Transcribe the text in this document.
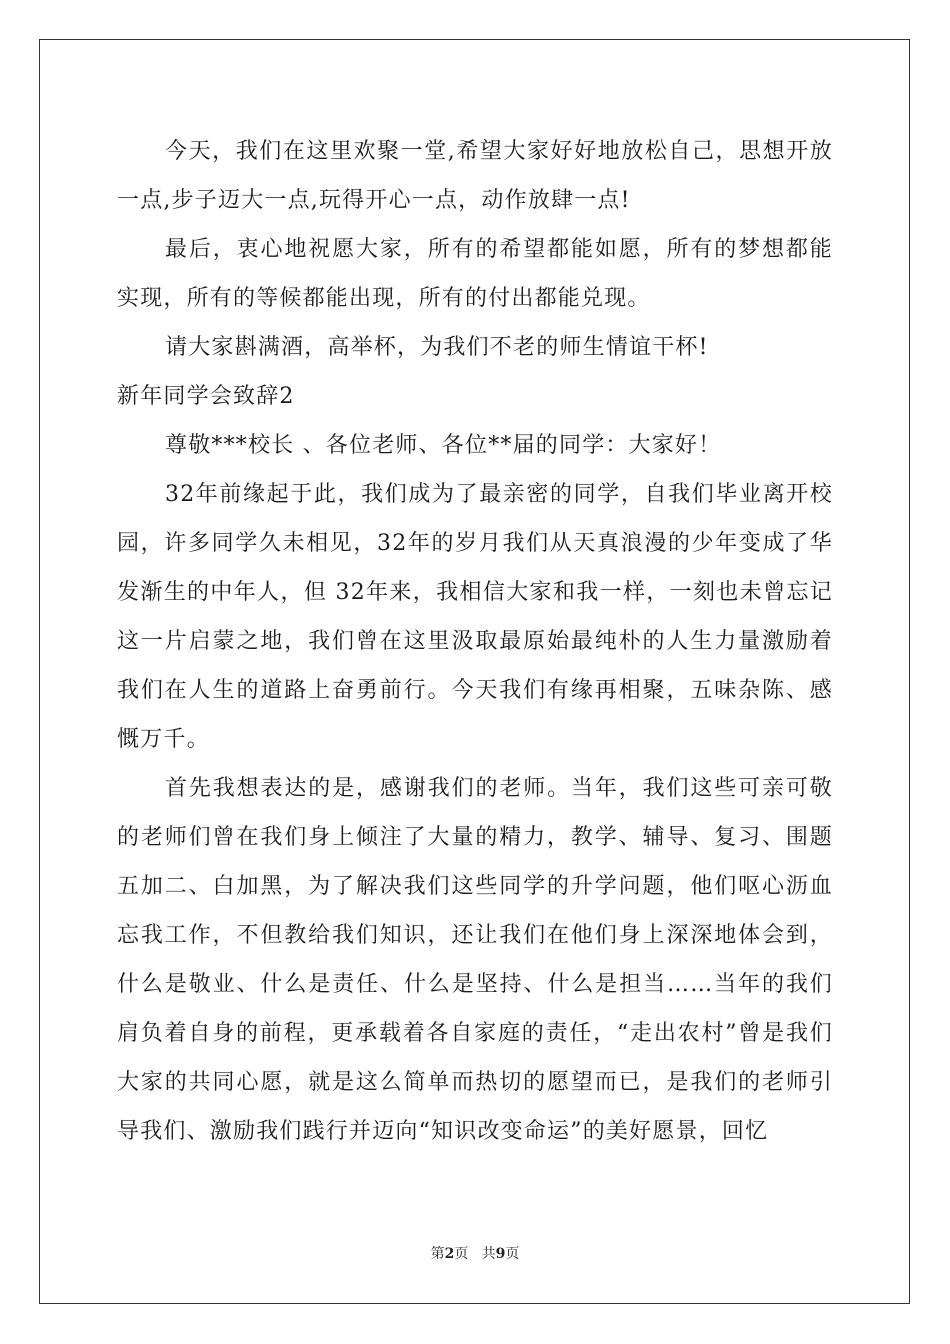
今天，我们在这里欢聚一堂,希望大家好好地放松自己，思想开放一点,步子迈大一点,玩得开心一点，动作放肆一点!

最后，衷心地祝愿大家，所有的希望都能如愿，所有的梦想都能实现，所有的等候都能出现，所有的付出都能兑现。

请大家斟满酒，高举杯，为我们不老的师生情谊干杯!

新年同学会致辞2

尊敬***校长 、各位老师、各位**届的同学：大家好！

32年前缘起于此，我们成为了最亲密的同学，自我们毕业离开校园，许多同学久未相见，32年的岁月我们从天真浪漫的少年变成了华发渐生的中年人，但 32年来，我相信大家和我一样，一刻也未曾忘记这一片启蒙之地，我们曾在这里汲取最原始最纯朴的人生力量激励着我们在人生的道路上奋勇前行。今天我们有缘再相聚，五味杂陈、感慨万千。

首先我想表达的是，感谢我们的老师。当年，我们这些可亲可敬的老师们曾在我们身上倾注了大量的精力，教学、辅导、复习、围题五加二、白加黑，为了解决我们这些同学的升学问题，他们呕心沥血忘我工作，不但教给我们知识，还让我们在他们身上深深地体会到，什么是敬业、什么是责任、什么是坚持、什么是担当……当年的我们肩负着自身的前程，更承载着各自家庭的责任，“走出农村”曾是我们大家的共同心愿，就是这么简单而热切的愿望而已，是我们的老师引导我们、激励我们践行并迈向“知识改变命运”的美好愿景，回忆

第2页 共9页
